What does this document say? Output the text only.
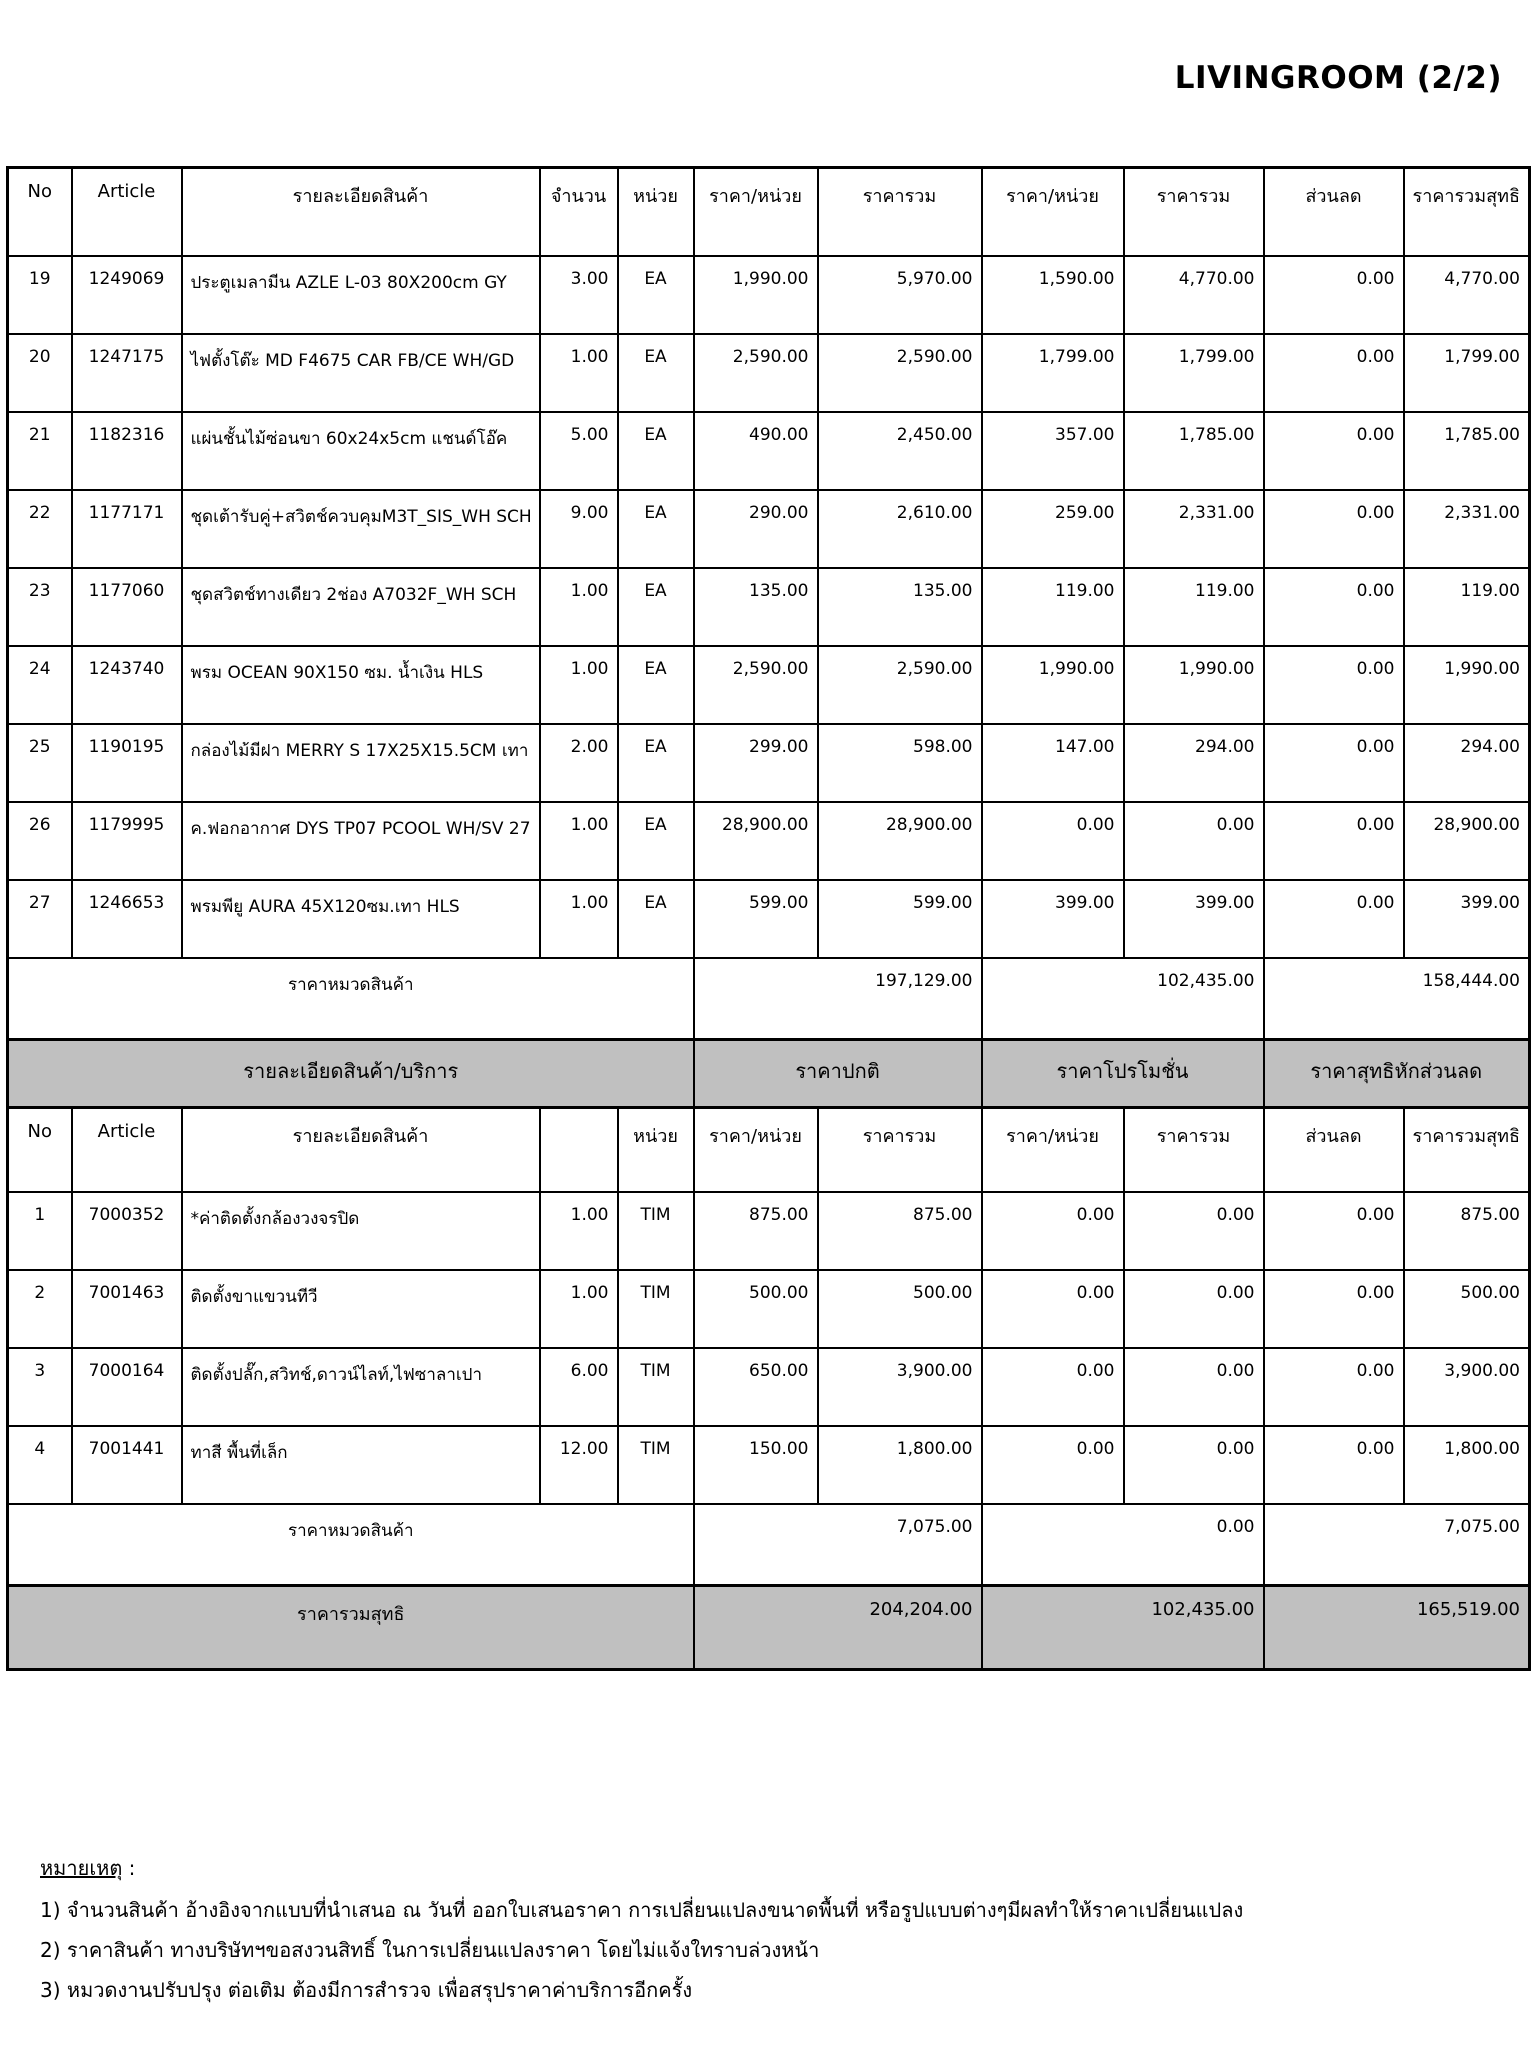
LIVINGROOM (2/2)
No	Article	รายละเอียดสินค้า	จำนวน	หน่วย	ราคา/หน่วย	ราคารวม	ราคา/หน่วย	ราคารวม	ส่วนลด	ราคารวมสุทธิ
19	1249069	ประตูเมลามีน AZLE L-03 80X200cm GY	3.00	EA	1,990.00	5,970.00	1,590.00	4,770.00	0.00	4,770.00
20	1247175	ไฟตั้งโต๊ะ MD F4675 CAR FB/CE WH/GD	1.00	EA	2,590.00	2,590.00	1,799.00	1,799.00	0.00	1,799.00
21	1182316	แผ่นชั้นไม้ซ่อนขา 60x24x5cm แชนด์โอ๊ค	5.00	EA	490.00	2,450.00	357.00	1,785.00	0.00	1,785.00
22	1177171	ชุดเต้ารับคู่+สวิตช์ควบคุมM3T_SIS_WH SCH	9.00	EA	290.00	2,610.00	259.00	2,331.00	0.00	2,331.00
23	1177060	ชุดสวิตช์ทางเดียว 2ช่อง A7032F_WH SCH	1.00	EA	135.00	135.00	119.00	119.00	0.00	119.00
24	1243740	พรม OCEAN 90X150 ซม. น้ำเงิน HLS	1.00	EA	2,590.00	2,590.00	1,990.00	1,990.00	0.00	1,990.00
25	1190195	กล่องไม้มีฝา MERRY S 17X25X15.5CM เทา	2.00	EA	299.00	598.00	147.00	294.00	0.00	294.00
26	1179995	ค.ฟอกอากาศ DYS TP07 PCOOL WH/SV 27	1.00	EA	28,900.00	28,900.00	0.00	0.00	0.00	28,900.00
27	1246653	พรมพียู AURA 45X120ซม.เทา HLS	1.00	EA	599.00	599.00	399.00	399.00	0.00	399.00
ราคาหมวดสินค้า					197,129.00		102,435.00		158,444.00	
รายละเอียดสินค้า/บริการ					ราคาปกติ		ราคาโปรโมชั่น		ราคาสุทธิหักส่วนลด	
No	Article	รายละเอียดสินค้า		หน่วย	ราคา/หน่วย	ราคารวม	ราคา/หน่วย	ราคารวม	ส่วนลด	ราคารวมสุทธิ
1	7000352	*ค่าติดตั้งกล้องวงจรปิด	1.00	TIM	875.00	875.00	0.00	0.00	0.00	875.00
2	7001463	ติดตั้งขาแขวนทีวี	1.00	TIM	500.00	500.00	0.00	0.00	0.00	500.00
3	7000164	ติดตั้งปลั๊ก,สวิทช์,ดาวน์ไลท์,ไฟซาลาเปา	6.00	TIM	650.00	3,900.00	0.00	0.00	0.00	3,900.00
4	7001441	ทาสี พื้นที่เล็ก	12.00	TIM	150.00	1,800.00	0.00	0.00	0.00	1,800.00
ราคาหมวดสินค้า					7,075.00		0.00		7,075.00	
ราคารวมสุทธิ					204,204.00		102,435.00		165,519.00	
หมายเหตุ :
1) จำนวนสินค้า อ้างอิงจากแบบที่นำเสนอ ณ วันที่ ออกใบเสนอราคา การเปลี่ยนแปลงขนาดพื้นที่ หรือรูปแบบต่างๆมีผลทำให้ราคาเปลี่ยนแปลง
2) ราคาสินค้า ทางบริษัทฯขอสงวนสิทธิ์ ในการเปลี่ยนแปลงราคา โดยไม่แจ้งใทราบล่วงหน้า
3) หมวดงานปรับปรุง ต่อเติม ต้องมีการสำรวจ เพื่อสรุปราคาค่าบริการอีกครั้ง
